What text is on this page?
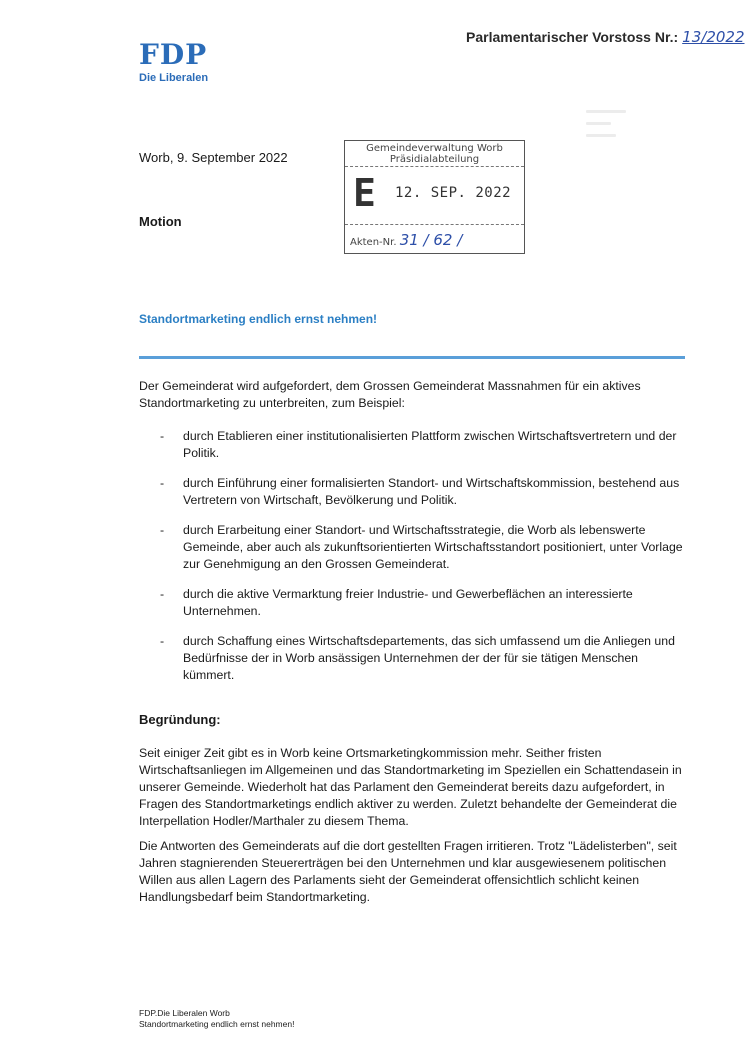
Parlamentarischer Vorstoss Nr.: 13/2022
FDP
Die Liberalen
Worb, 9. September 2022
Motion
Gemeindeverwaltung Worb
Präsidialabteilung
E 12. SEP. 2022
Akten-Nr. 31 / 62 /
Standortmarketing endlich ernst nehmen!
Der Gemeinderat wird aufgefordert, dem Grossen Gemeinderat Massnahmen für ein aktives Standortmarketing zu unterbreiten, zum Beispiel:
- durch Etablieren einer institutionalisierten Plattform zwischen Wirtschaftsvertretern und der Politik.
- durch Einführung einer formalisierten Standort- und Wirtschaftskommission, bestehend aus Vertretern von Wirtschaft, Bevölkerung und Politik.
- durch Erarbeitung einer Standort- und Wirtschaftsstrategie, die Worb als lebenswerte Gemeinde, aber auch als zukunftsorientierten Wirtschaftsstandort positioniert, unter Vorlage zur Genehmigung an den Grossen Gemeinderat.
- durch die aktive Vermarktung freier Industrie- und Gewerbeflächen an interessierte Unternehmen.
- durch Schaffung eines Wirtschaftsdepartements, das sich umfassend um die Anliegen und Bedürfnisse der in Worb ansässigen Unternehmen der der für sie tätigen Menschen kümmert.
Begründung:
Seit einiger Zeit gibt es in Worb keine Ortsmarketingkommission mehr. Seither fristen Wirtschaftsanliegen im Allgemeinen und das Standortmarketing im Speziellen ein Schattendasein in unserer Gemeinde. Wiederholt hat das Parlament den Gemeinderat bereits dazu aufgefordert, in Fragen des Standortmarketings endlich aktiver zu werden. Zuletzt behandelte der Gemeinderat die Interpellation Hodler/Marthaler zu diesem Thema.
Die Antworten des Gemeinderats auf die dort gestellten Fragen irritieren. Trotz "Lädelisterben", seit Jahren stagnierenden Steuererträgen bei den Unternehmen und klar ausgewiesenem politischen Willen aus allen Lagern des Parlaments sieht der Gemeinderat offensichtlich schlicht keinen Handlungsbedarf beim Standortmarketing.
FDP.Die Liberalen Worb
Standortmarketing endlich ernst nehmen!
